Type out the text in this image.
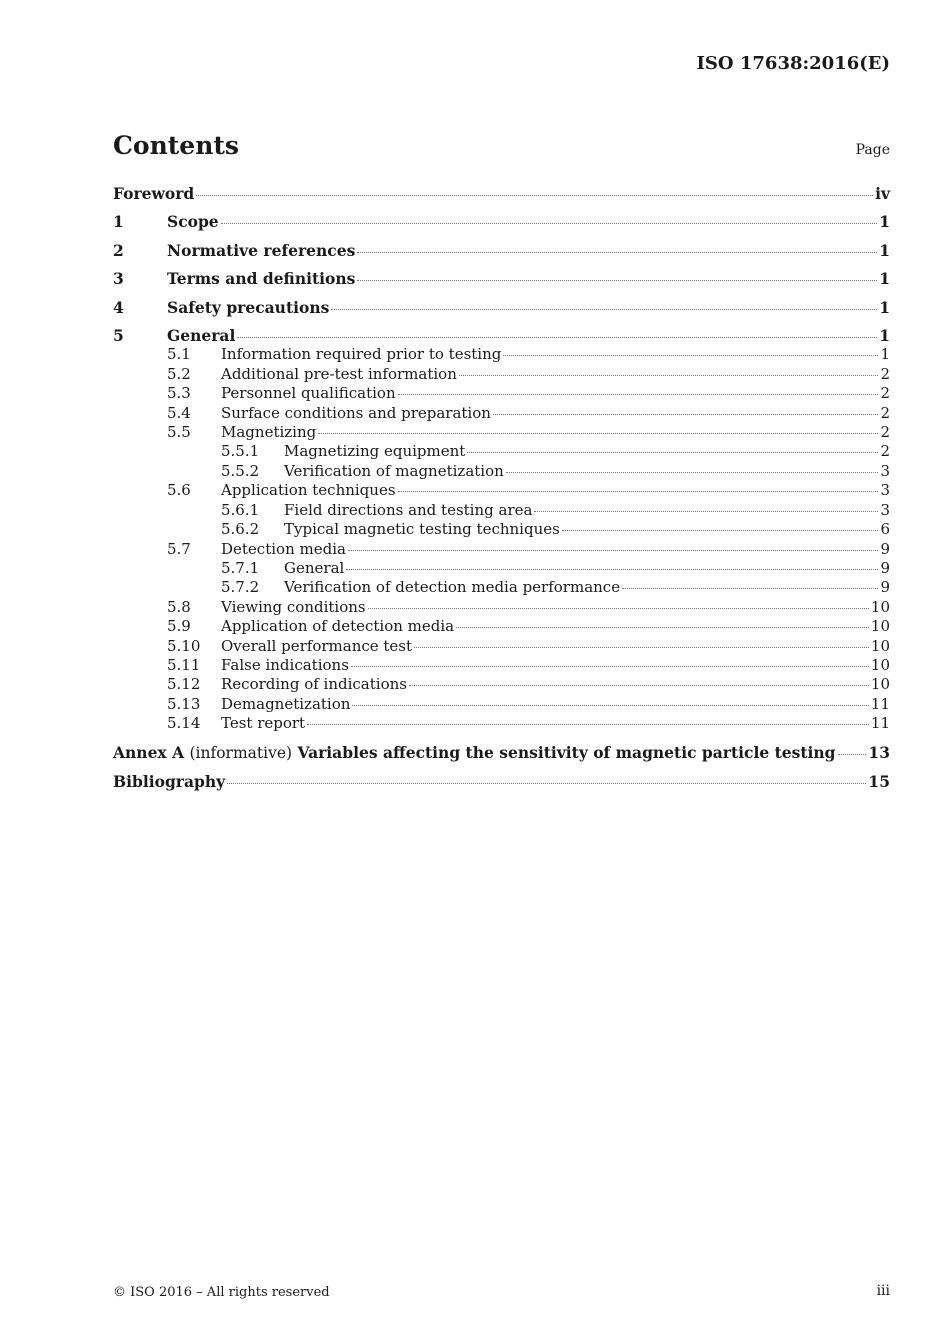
ISO 17638:2016(E)
Contents	Page
Foreword	iv
1	Scope	1
2	Normative references	1
3	Terms and definitions	1
4	Safety precautions	1
5	General	1
5.1	Information required prior to testing	1
5.2	Additional pre-test information	2
5.3	Personnel qualification	2
5.4	Surface conditions and preparation	2
5.5	Magnetizing	2
5.5.1	Magnetizing equipment	2
5.5.2	Verification of magnetization	3
5.6	Application techniques	3
5.6.1	Field directions and testing area	3
5.6.2	Typical magnetic testing techniques	6
5.7	Detection media	9
5.7.1	General	9
5.7.2	Verification of detection media performance	9
5.8	Viewing conditions	10
5.9	Application of detection media	10
5.10	Overall performance test	10
5.11	False indications	10
5.12	Recording of indications	10
5.13	Demagnetization	11
5.14	Test report	11
Annex A (informative) Variables affecting the sensitivity of magnetic particle testing 13
Bibliography	15
© ISO 2016 – All rights reserved	iii
